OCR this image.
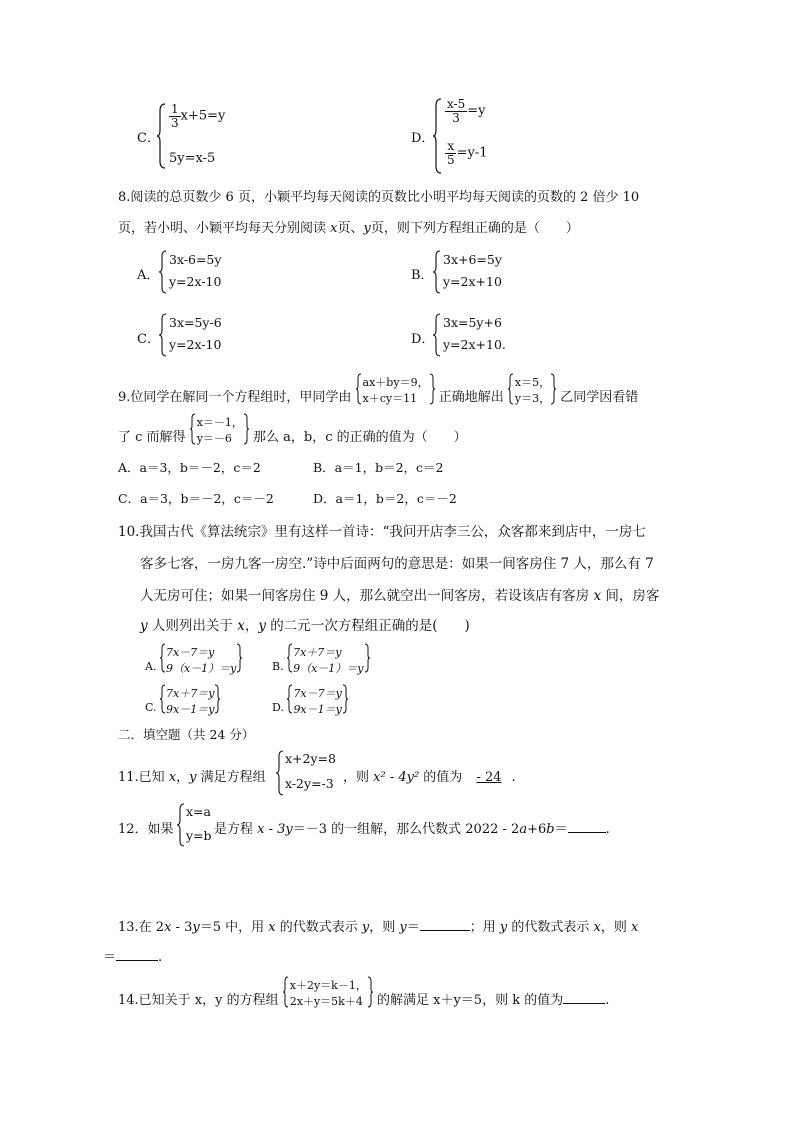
C．
$\frac{1}{3} x+5=y$
5y=x-5
D．
$\frac{x-5}{3} =y$
$\frac{x}{5} =y-1$
8.阅读的总页数少 6 页，小颖平均每天阅读的页数比小明平均每天阅读的页数的 2 倍少 10
页，若小明、小颖平均每天分别阅读 x页、y页，则下列方程组正确的是（　　）
A．
3x-6=5y
y=2x-10	B．
3x+6=5y
y=2x+10
C．
3x=5y-6
y=2x-10	D．
3x=5y+6
y=2x+10.
9.位同学在解同一个方程组时，甲同学由
ax＋by＝9，
x＋cy＝11	正确地解出
x＝5，
y＝3， 乙同学因看错
了 c 而解得
x＝－1，
y＝－6	那么 a，b，c 的正确的值为（　　）
A．a＝3，b＝－2，c＝2	B．a＝1，b＝2，c＝2
C．a＝3，b＝－2，c＝－2	D．a＝1，b＝2，c＝－2
10.我国古代《算法统宗》里有这样一首诗：“我问开店李三公，众客都来到店中，一房七
客多七客，一房九客一房空.”诗中后面两句的意思是：如果一间客房住 7 人，那么有 7
人无房可住；如果一间客房住 9 人，那么就空出一间客房，若设该店有客房 x 间，房客
y 人则列出关于 x，y 的二元一次方程组正确的是(　　)
A.
7x－7＝y
9（x－1）＝y	B.
7x＋7＝y
9（x－1）＝y
C.
7x＋7＝y
9x－1＝y	D.
7x－7＝y
9x－1＝y
二．填空题（共 24 分）
11.已知 x，y 满足方程组
x+2y=8
x-2y=-3 ，则 x² - 4y² 的值为 - 24 .
12．如果
x=a
y=b 是方程 x - 3y＝－3 的一组解，那么代数式 2022 - 2a+6b＝	.
13.在 2x - 3y＝5 中，用 x 的代数式表示 y，则 y＝	；用 y 的代数式表示 x，则 x
＝	.
14.已知关于 x，y 的方程组
x＋2y＝k－1，
2x＋y＝5k＋4	的解满足 x＋y＝5，则 k 的值为	.
